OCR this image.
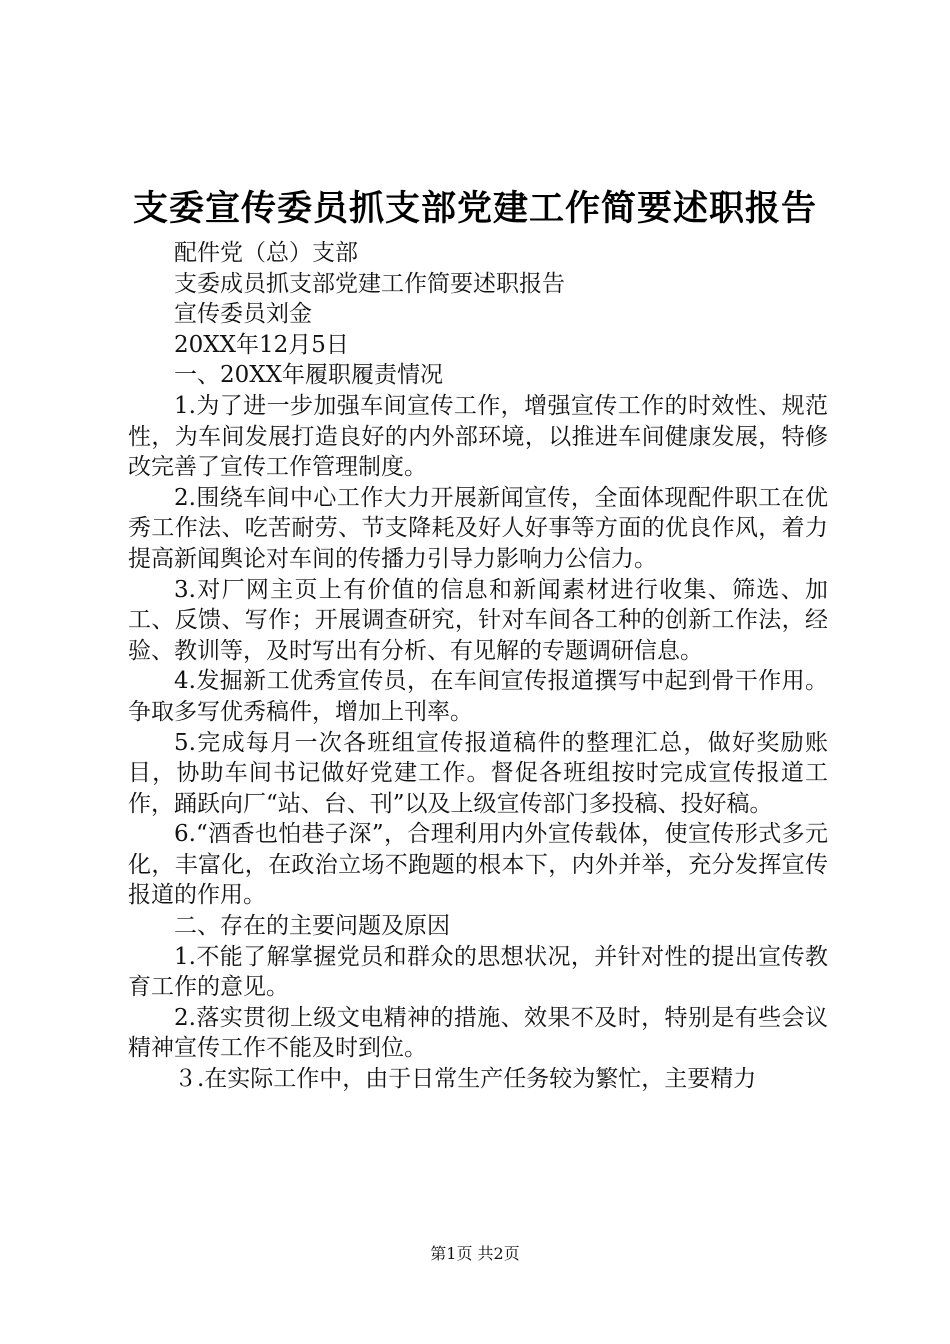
支委宣传委员抓支部党建工作简要述职报告

配件党（总）支部

支委成员抓支部党建工作简要述职报告

宣传委员刘金

20XX年12月5日

一、20XX年履职履责情况

1.为了进一步加强车间宣传工作，增强宣传工作的时效性、规范性，为车间发展打造良好的内外部环境，以推进车间健康发展，特修改完善了宣传工作管理制度。

2.围绕车间中心工作大力开展新闻宣传，全面体现配件职工在优秀工作法、吃苦耐劳、节支降耗及好人好事等方面的优良作风，着力提高新闻舆论对车间的传播力引导力影响力公信力。

3.对厂网主页上有价值的信息和新闻素材进行收集、筛选、加工、反馈、写作；开展调查研究，针对车间各工种的创新工作法，经验、教训等，及时写出有分析、有见解的专题调研信息。

4.发掘新工优秀宣传员，在车间宣传报道撰写中起到骨干作用。争取多写优秀稿件，增加上刊率。

5.完成每月一次各班组宣传报道稿件的整理汇总，做好奖励账目，协助车间书记做好党建工作。督促各班组按时完成宣传报道工作，踊跃向厂“站、台、刊”以及上级宣传部门多投稿、投好稿。

6.“酒香也怕巷子深”，合理利用内外宣传载体，使宣传形式多元化，丰富化，在政治立场不跑题的根本下，内外并举，充分发挥宣传报道的作用。

二、存在的主要问题及原因

1.不能了解掌握党员和群众的思想状况，并针对性的提出宣传教育工作的意见。

2.落实贯彻上级文电精神的措施、效果不及时，特别是有些会议精神宣传工作不能及时到位。

３.在实际工作中，由于日常生产任务较为繁忙，主要精力

第1页 共2页
